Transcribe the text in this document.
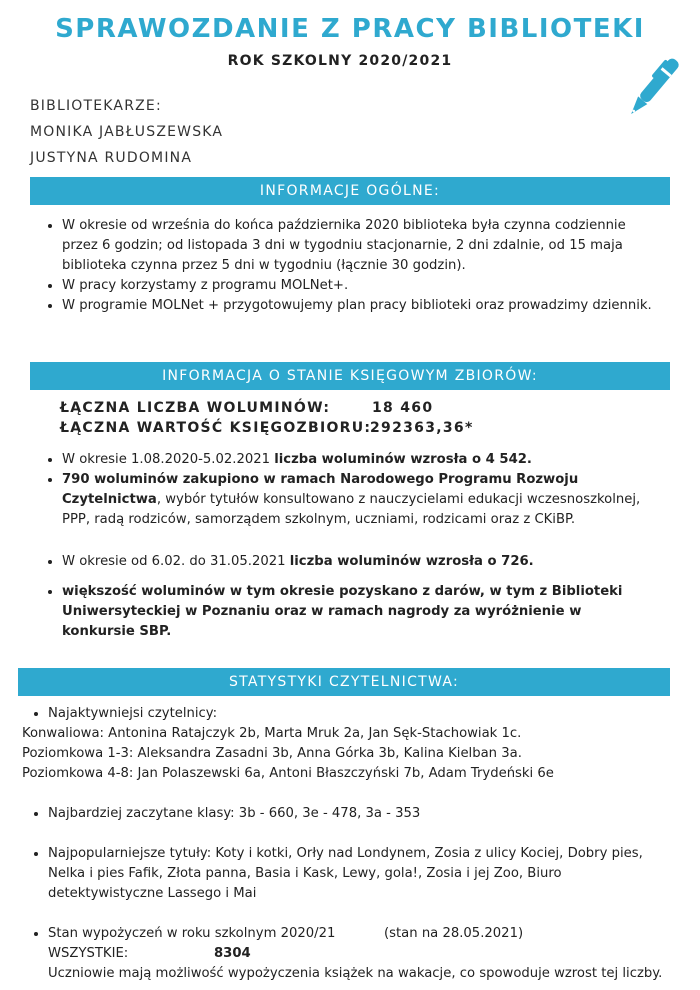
SPRAWOZDANIE Z PRACY BIBLIOTEKI
ROK SZKOLNY 2020/2021
BIBLIOTEKARZE:
MONIKA JABŁUSZEWSKA
JUSTYNA RUDOMINA
INFORMACJE OGÓLNE:
• W okresie od września do końca października 2020 biblioteka była czynna codziennie przez 6 godzin; od listopada 3 dni w tygodniu stacjonarnie, 2 dni zdalnie, od 15 maja biblioteka czynna przez 5 dni w tygodniu (łącznie 30 godzin).
• W pracy korzystamy z programu MOLNet+.
• W programie MOLNet + przygotowujemy plan pracy biblioteki oraz prowadzimy dziennik.
INFORMACJA O STANIE KSIĘGOWYM ZBIORÓW:
ŁĄCZNA LICZBA WOLUMINÓW:	18 460
ŁĄCZNA WARTOŚĆ KSIĘGOZBIORU:
292363,36*
• W okresie 1.08.2020-5.02.2021 liczba woluminów wzrosła o 4 542.
• 790 woluminów zakupiono w ramach Narodowego Programu Rozwoju Czytelnictwa, wybór tytułów konsultowano z nauczycielami edukacji wczesnoszkolnej, PPP, radą rodziców, samorządem szkolnym, uczniami, rodzicami oraz z CKiBP.
• W okresie od 6.02. do 31.05.2021 liczba woluminów wzrosła o 726.
• większość woluminów w tym okresie pozyskano z darów, w tym z Biblioteki Uniwersyteckiej w Poznaniu oraz w ramach nagrody za wyróżnienie w konkursie SBP.
STATYSTYKI CZYTELNICTWA:
• Najaktywniejsi czytelnicy:
Konwaliowa: Antonina Ratajczyk 2b, Marta Mruk 2a, Jan Sęk-Stachowiak 1c.
Poziomkowa 1-3: Aleksandra Zasadni 3b, Anna Górka 3b, Kalina Kielban 3a.
Poziomkowa 4-8: Jan Polaszewski 6a, Antoni Błaszczyński 7b, Adam Trydeński 6e
• Najbardziej zaczytane klasy: 3b - 660, 3e - 478, 3a - 353
• Najpopularniejsze tytuły: Koty i kotki, Orły nad Londynem, Zosia z ulicy Kociej, Dobry pies, Nelka i pies Fafik, Złota panna, Basia i Kask, Lewy, gola!, Zosia i jej Zoo, Biuro detektywistyczne Lassego i Mai
• Stan wypożyczeń w roku szkolnym 2020/21	(stan na 28.05.2021)
WSZYSTKIE:	8304
Uczniowie mają możliwość wypożyczenia książek na wakacje, co spowoduje wzrost tej liczby.
